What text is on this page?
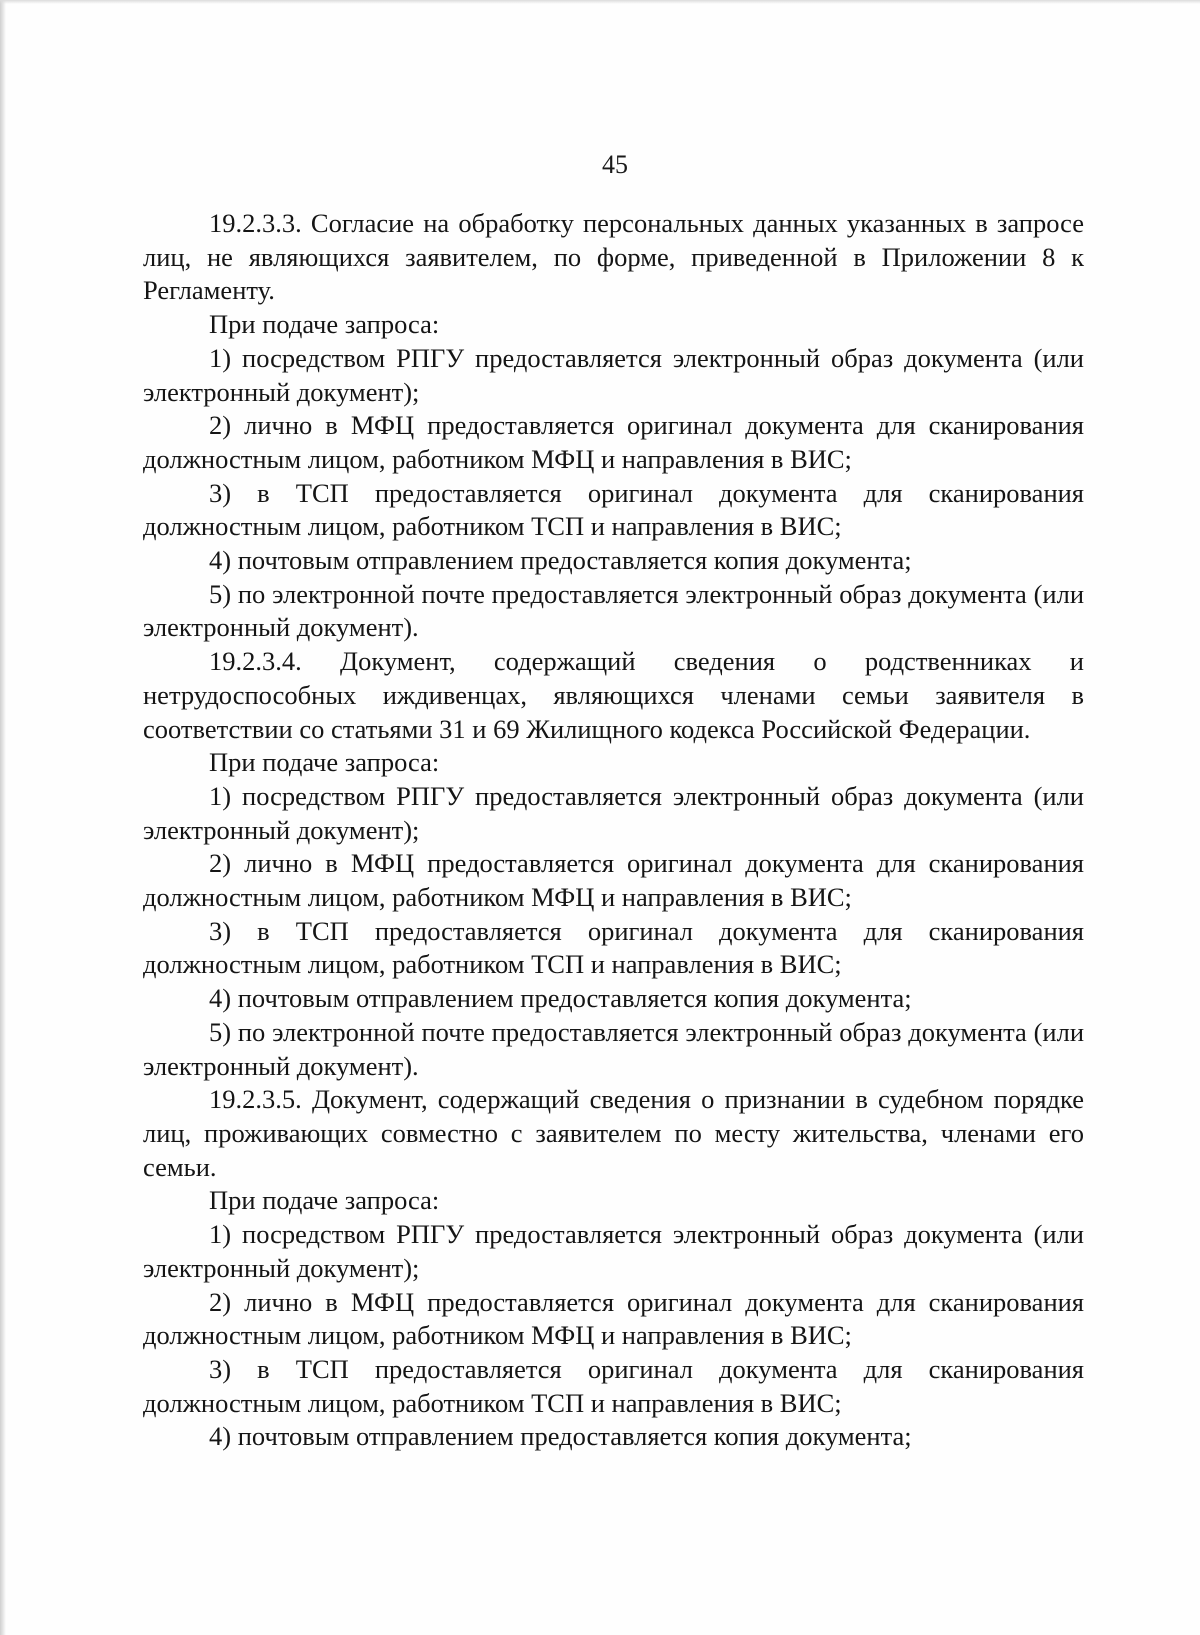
45

19.2.3.3. Согласие на обработку персональных данных указанных в запросе лиц, не являющихся заявителем, по форме, приведенной в Приложении 8 к Регламенту.

При подаче запроса:

1) посредством РПГУ предоставляется электронный образ документа (или электронный документ);

2) лично в МФЦ предоставляется оригинал документа для сканирования должностным лицом, работником МФЦ и направления в ВИС;

3) в ТСП предоставляется оригинал документа для сканирования должностным лицом, работником ТСП и направления в ВИС;

4) почтовым отправлением предоставляется копия документа;

5) по электронной почте предоставляется электронный образ документа (или электронный документ).

19.2.3.4. Документ, содержащий сведения о родственниках и нетрудоспособных иждивенцах, являющихся членами семьи заявителя в соответствии со статьями 31 и 69 Жилищного кодекса Российской Федерации.

При подаче запроса:

1) посредством РПГУ предоставляется электронный образ документа (или электронный документ);

2) лично в МФЦ предоставляется оригинал документа для сканирования должностным лицом, работником МФЦ и направления в ВИС;

3) в ТСП предоставляется оригинал документа для сканирования должностным лицом, работником ТСП и направления в ВИС;

4) почтовым отправлением предоставляется копия документа;

5) по электронной почте предоставляется электронный образ документа (или электронный документ).

19.2.3.5. Документ, содержащий сведения о признании в судебном порядке лиц, проживающих совместно с заявителем по месту жительства, членами его семьи.

При подаче запроса:

1) посредством РПГУ предоставляется электронный образ документа (или электронный документ);

2) лично в МФЦ предоставляется оригинал документа для сканирования должностным лицом, работником МФЦ и направления в ВИС;

3) в ТСП предоставляется оригинал документа для сканирования должностным лицом, работником ТСП и направления в ВИС;

4) почтовым отправлением предоставляется копия документа;
